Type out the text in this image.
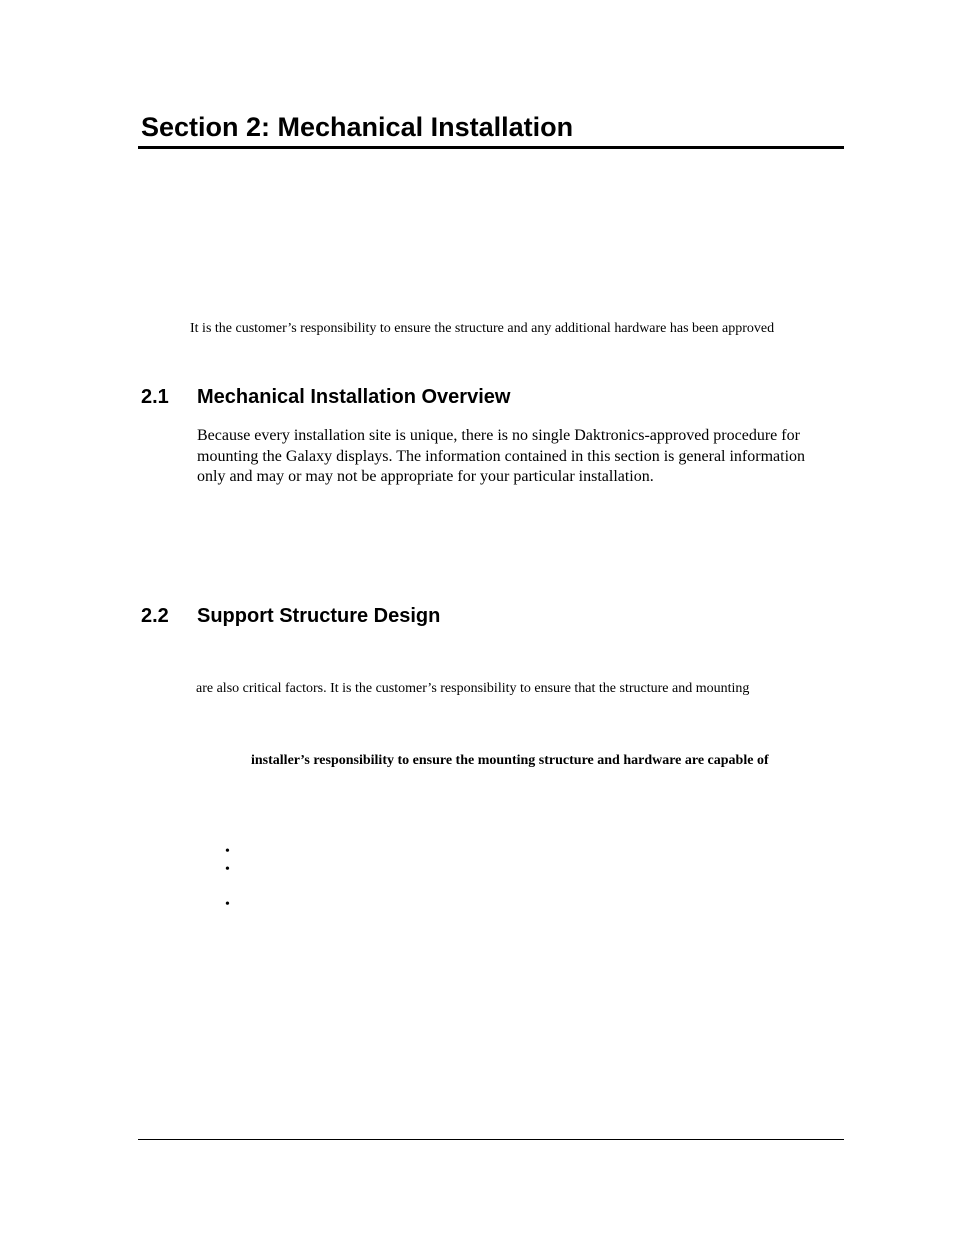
Section 2: Mechanical Installation

It is the customer’s responsibility to ensure the structure and any additional hardware has been approved

2.1 Mechanical Installation Overview

Because every installation site is unique, there is no single Daktronics-approved procedure for mounting the Galaxy displays. The information contained in this section is general information only and may or may not be appropriate for your particular installation.

2.2 Support Structure Design

are also critical factors. It is the customer’s responsibility to ensure that the structure and mounting

installer’s responsibility to ensure the mounting structure and hardware are capable of

•
•
•
